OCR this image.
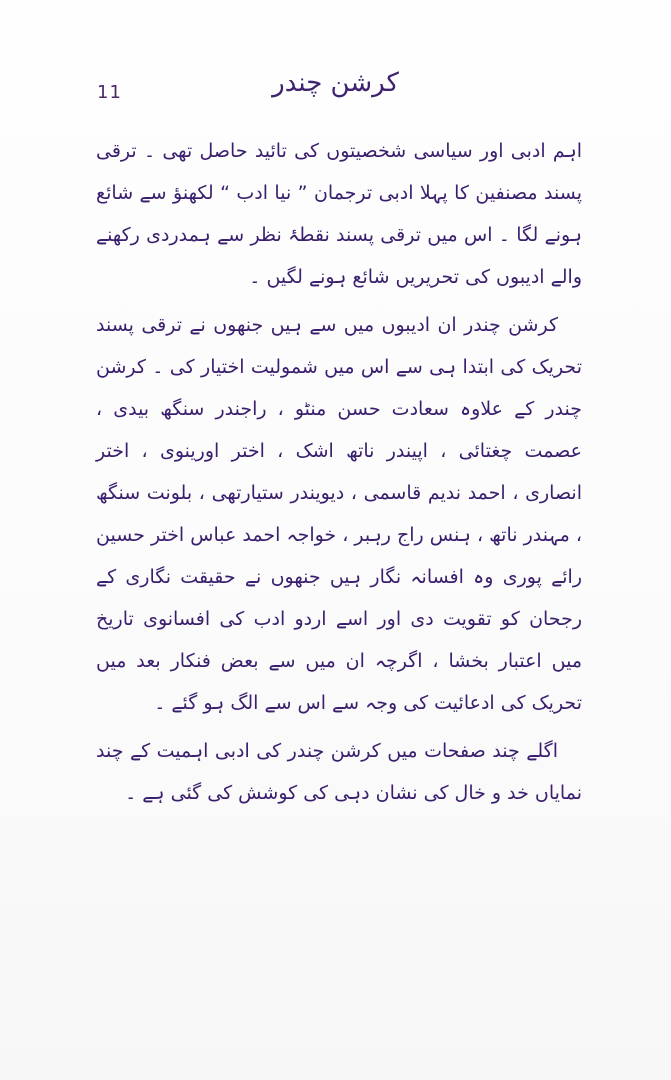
11	کرشن چندر

اہم ادبی اور سیاسی شخصیتوں کی تائید حاصل تھی ۔ ترقی پسند مصنفین کا پہلا ادبی ترجمان ” نیا ادب “ لکھنؤ سے شائع ہونے لگا ۔ اس میں ترقی پسند نقطۂ نظر سے ہمدردی رکھنے والے ادیبوں کی تحریریں شائع ہونے لگیں ۔

کرشن چندر ان ادیبوں میں سے ہیں جنھوں نے ترقی پسند تحریک کی ابتدا ہی سے اس میں شمولیت اختیار کی ۔ کرشن چندر کے علاوہ سعادت حسن منٹو ، راجندر سنگھ بیدی ، عصمت چغتائی ، اپیندر ناتھ اشک ، اختر اورینوی ، اختر انصاری ، احمد ندیم قاسمی ، دیویندر ستیارتھی ، بلونت سنگھ ، مہندر ناتھ ، ہنس راج رہبر ، خواجہ احمد عباس اختر حسین رائے پوری وہ افسانہ نگار ہیں جنھوں نے حقیقت نگاری کے رجحان کو تقویت دی اور اسے اردو ادب کی افسانوی تاریخ میں اعتبار بخشا ، اگرچہ ان میں سے بعض فنکار بعد میں تحریک کی ادعائیت کی وجہ سے اس سے الگ ہو گئے ۔

اگلے چند صفحات میں کرشن چندر کی ادبی اہمیت کے چند نمایاں خد و خال کی نشان دہی کی کوشش کی گئی ہے ۔
